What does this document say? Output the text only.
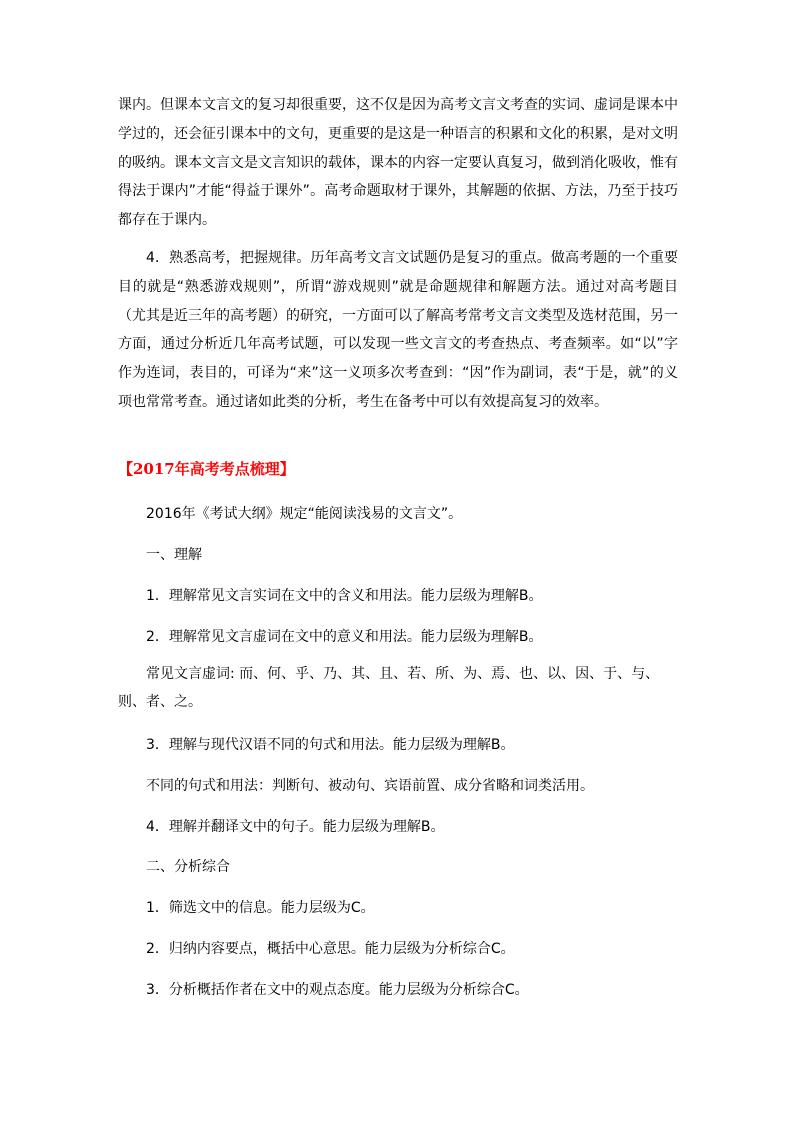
课内。但课本文言文的复习却很重要，这不仅是因为高考文言文考查的实词、虚词是课本中学过的，还会征引课本中的文句，更重要的是这是一种语言的积累和文化的积累，是对文明的吸纳。课本文言文是文言知识的载体，课本的内容一定要认真复习，做到消化吸收，惟有得法于课内”才能“得益于课外”。高考命题取材于课外，其解题的依据、方法，乃至于技巧都存在于课内。

4．熟悉高考，把握规律。历年高考文言文试题仍是复习的重点。做高考题的一个重要目的就是“熟悉游戏规则”，所谓“游戏规则”就是命题规律和解题方法。通过对高考题目（尤其是近三年的高考题）的研究，一方面可以了解高考常考文言文类型及选材范围，另一方面，通过分析近几年高考试题，可以发现一些文言文的考查热点、考查频率。如“以”字作为连词，表目的，可译为“来”这一义项多次考查到：“因”作为副词，表“于是，就”的义项也常常考查。通过诸如此类的分析，考生在备考中可以有效提高复习的效率。

【2017年高考考点梳理】

2016年《考试大纲》规定“能阅读浅易的文言文”。

一、理解

1．理解常见文言实词在文中的含义和用法。能力层级为理解B。

2．理解常见文言虚词在文中的意义和用法。能力层级为理解B。

常见文言虚词: 而、何、乎、乃、其、且、若、所、为、焉、也、以、因、于、与、则、者、之。

3．理解与现代汉语不同的句式和用法。能力层级为理解B。

不同的句式和用法：判断句、被动句、宾语前置、成分省略和词类活用。

4．理解并翻译文中的句子。能力层级为理解B。

二、分析综合

1．筛选文中的信息。能力层级为C。

2．归纳内容要点，概括中心意思。能力层级为分析综合C。

3．分析概括作者在文中的观点态度。能力层级为分析综合C。
